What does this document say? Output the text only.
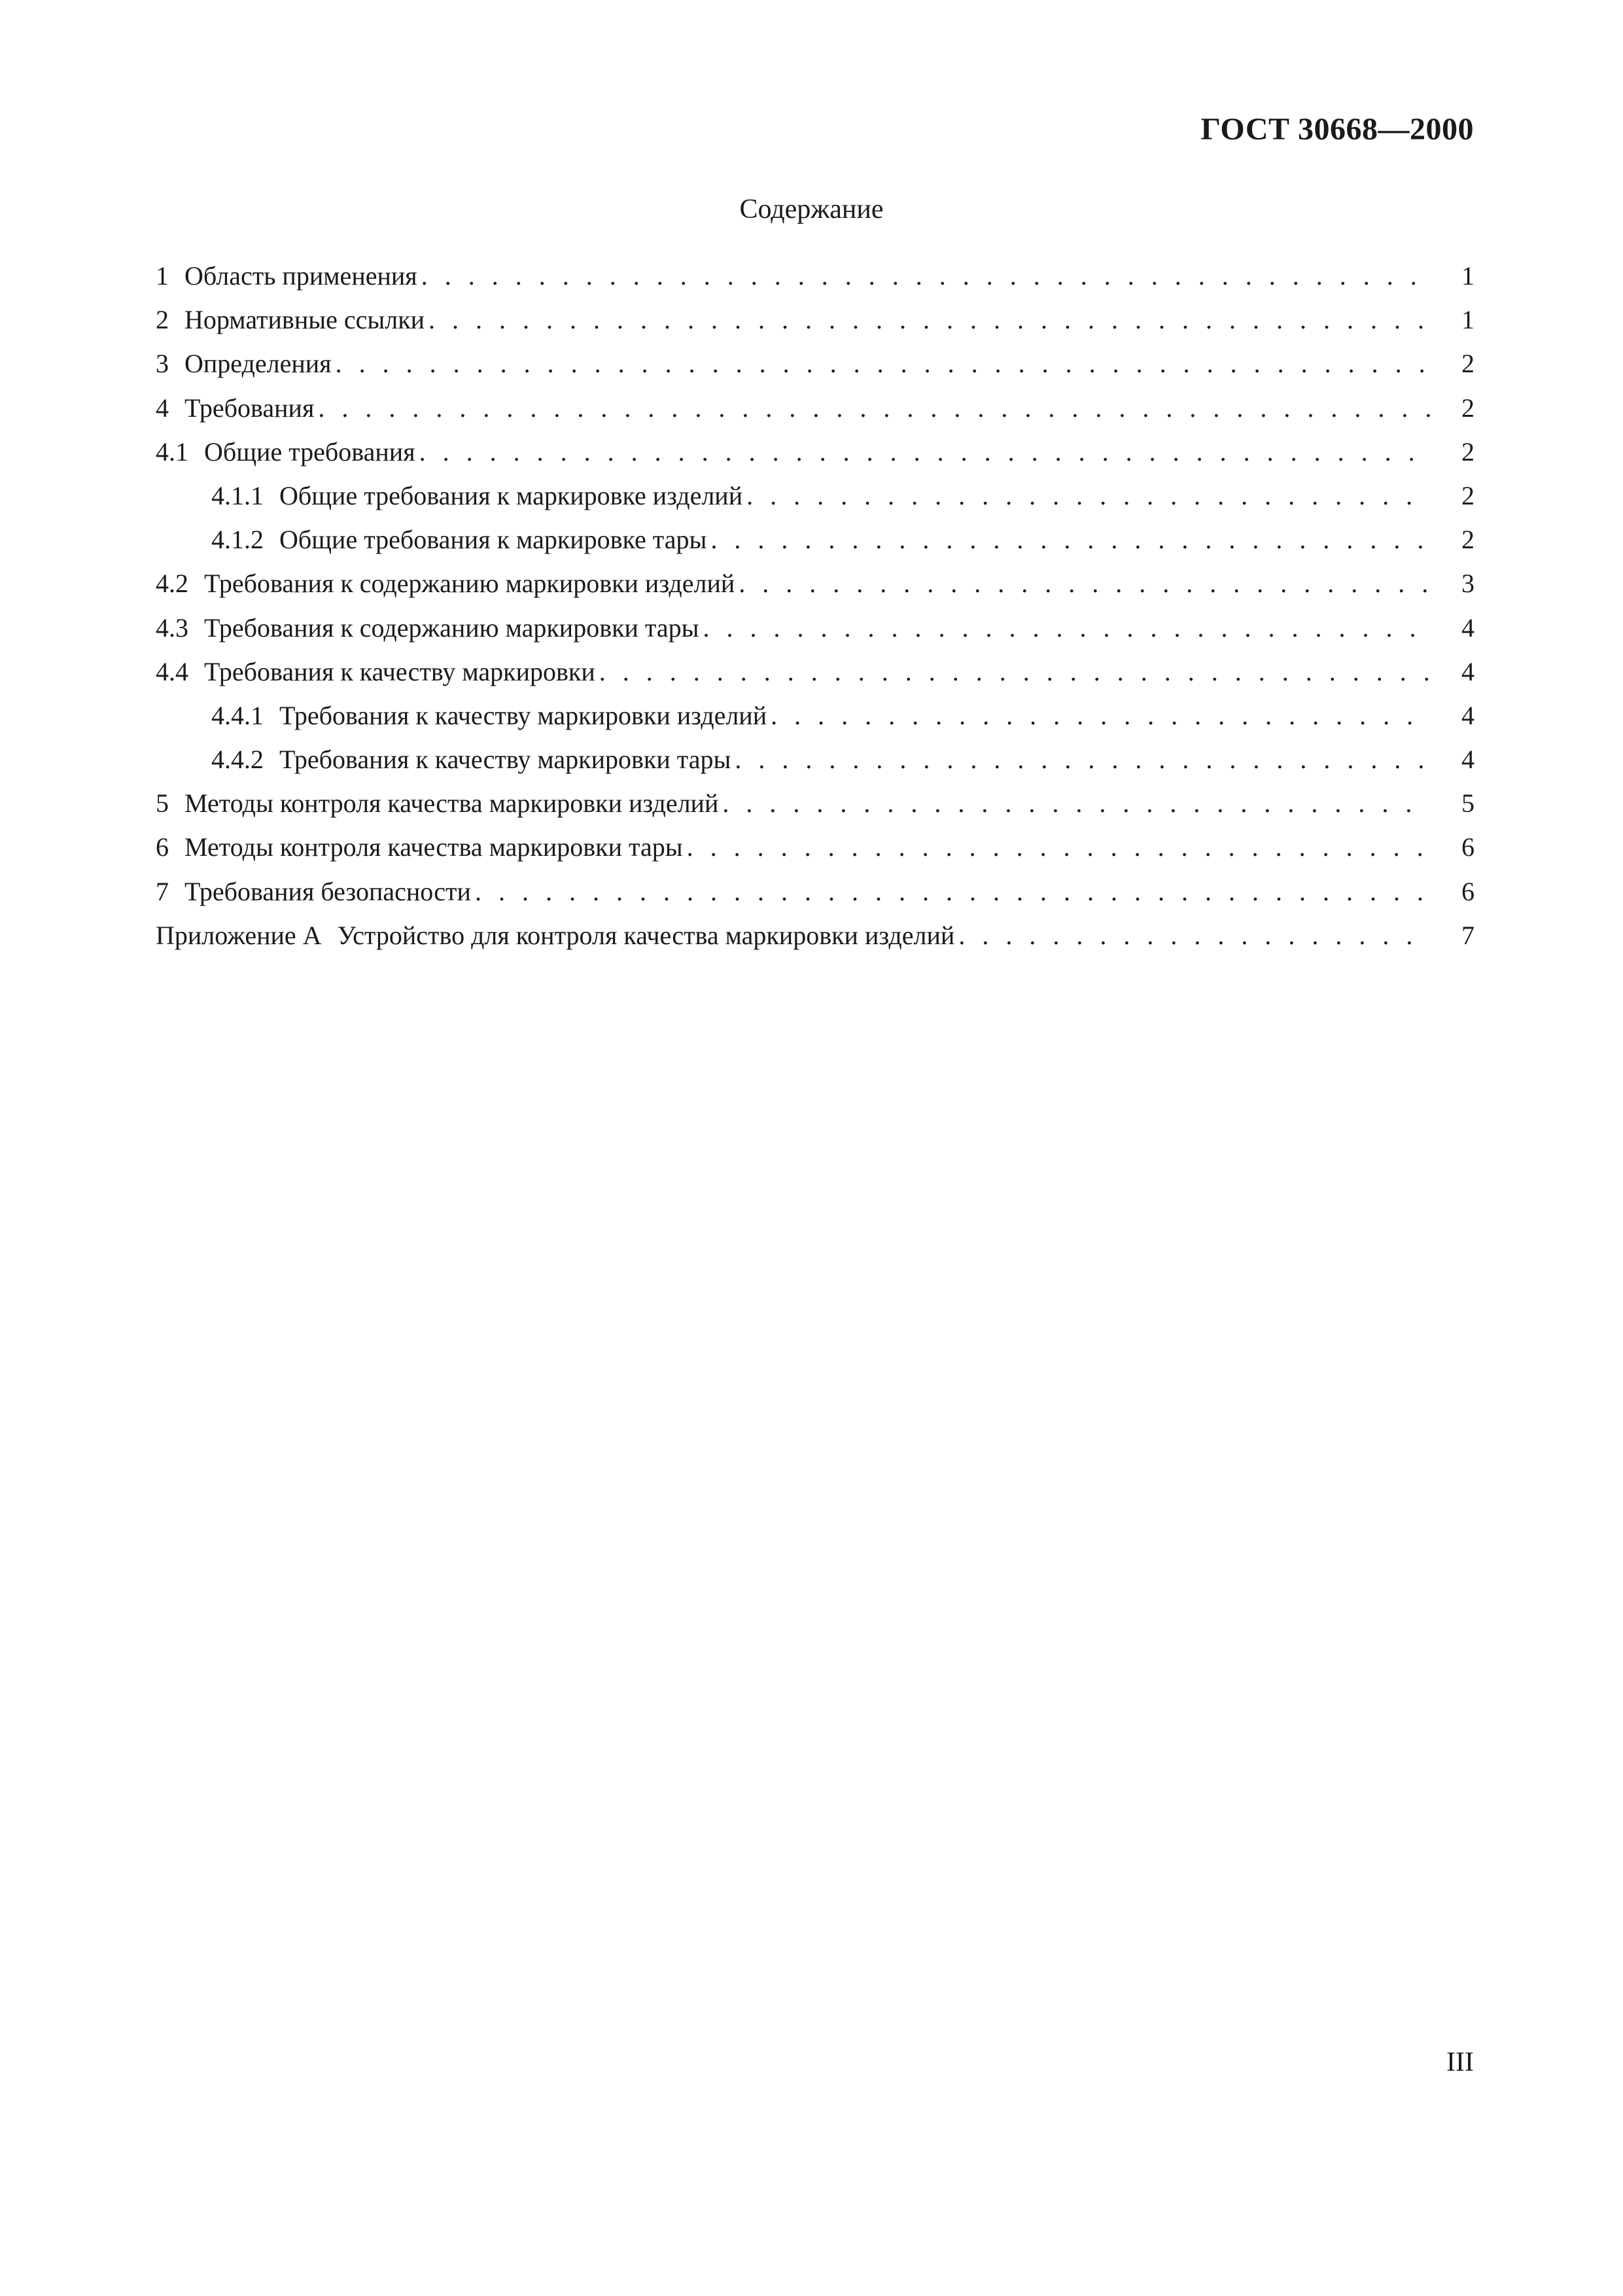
ГОСТ 30668—2000
Содержание
1 Область применения . . .	1
2 Нормативные ссылки . . .	1
3 Определения . . .	2
4 Требования . . .	2
4.1 Общие требования . . .	2
4.1.1 Общие требования к маркировке изделий . . .	2
4.1.2 Общие требования к маркировке тары . . .	2
4.2 Требования к содержанию маркировки изделий . . .	3
4.3 Требования к содержанию маркировки тары . . .	4
4.4 Требования к качеству маркировки . . .	4
4.4.1 Требования к качеству маркировки изделий . . .	4
4.4.2 Требования к качеству маркировки тары . . .	4
5 Методы контроля качества маркировки изделий . . .	5
6 Методы контроля качества маркировки тары . . .	6
7 Требования безопасности . . .	6
Приложение А Устройство для контроля качества маркировки изделий . . .	7
III
